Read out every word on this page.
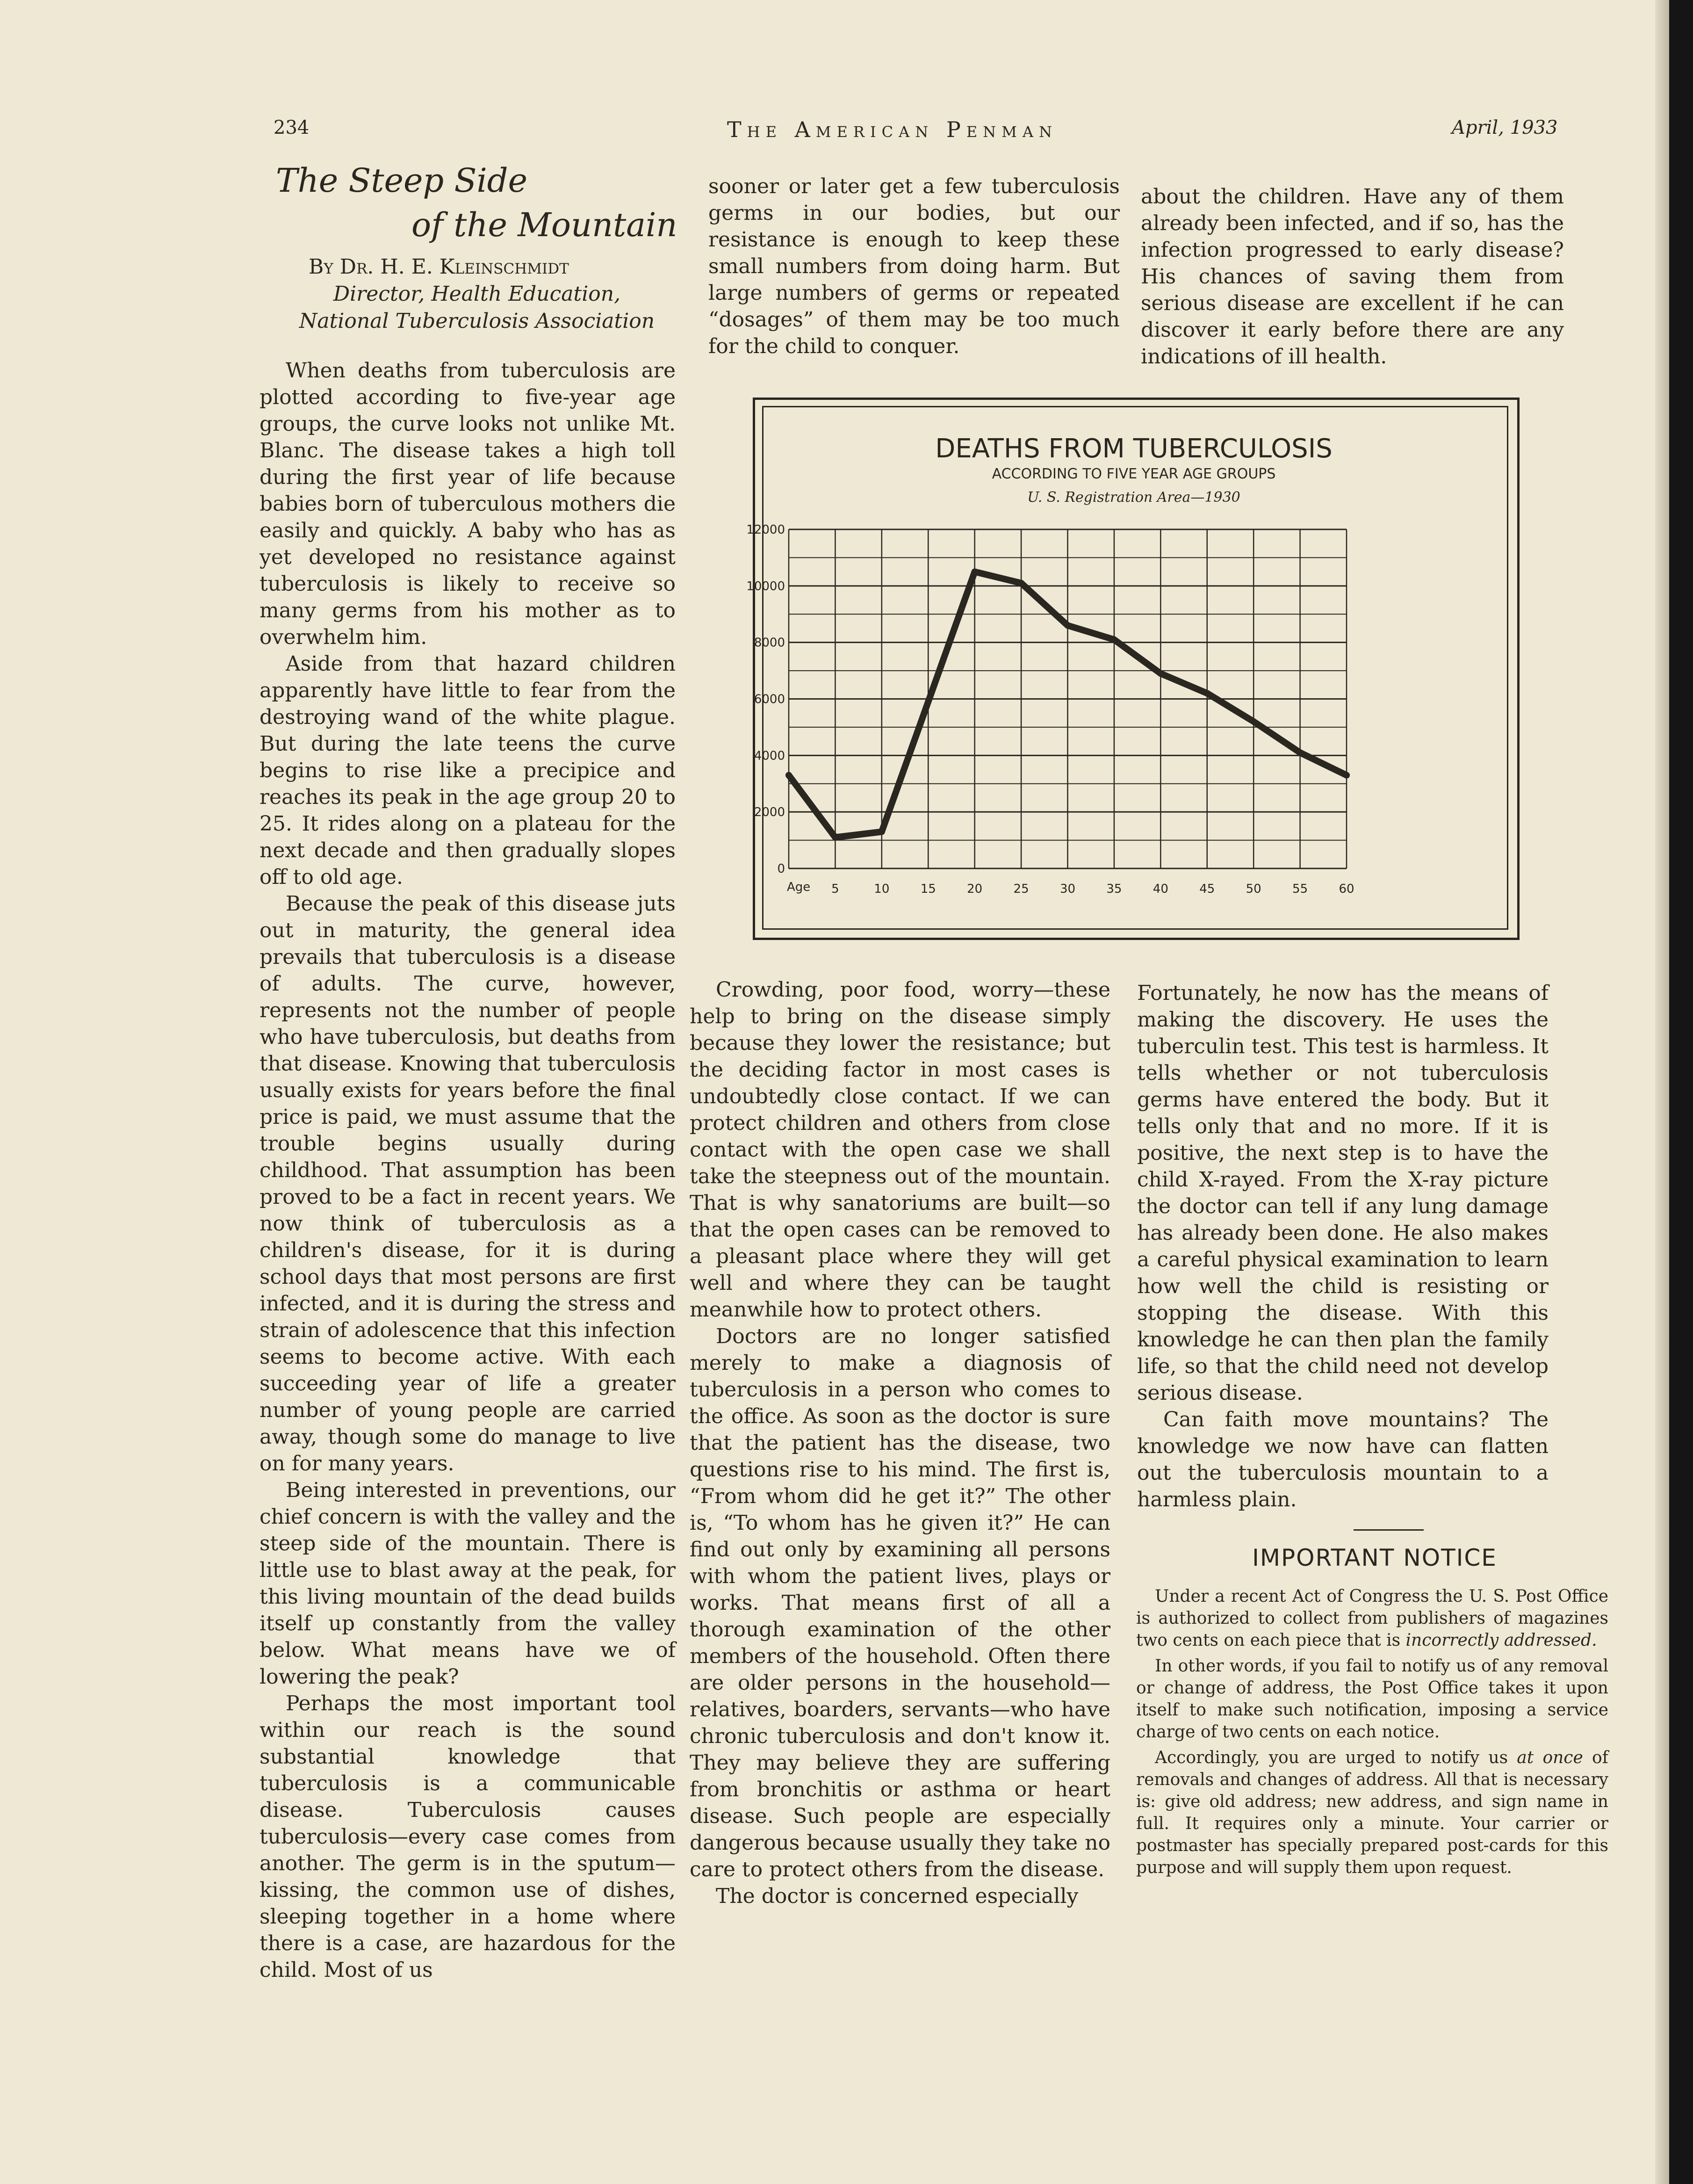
234	The American Penman	April, 1933
The Steep Side
of the Mountain
By Dr. H. E. Kleinschmidt
Director, Health Education,
National Tuberculosis Association

When deaths from tuberculosis are plotted according to five-year age groups, the curve looks not unlike Mt. Blanc. The disease takes a high toll during the first year of life because babies born of tuberculous mothers die easily and quickly. A baby who has as yet developed no resistance against tuberculosis is likely to receive so many germs from his mother as to overwhelm him.

Aside from that hazard children apparently have little to fear from the destroying wand of the white plague. But during the late teens the curve begins to rise like a precipice and reaches its peak in the age group 20 to 25. It rides along on a plateau for the next decade and then gradually slopes off to old age.

Because the peak of this disease juts out in maturity, the general idea prevails that tuberculosis is a disease of adults. The curve, however, represents not the number of people who have tuberculosis, but deaths from that disease. Knowing that tuberculosis usually exists for years before the final price is paid, we must assume that the trouble begins usually during childhood. That assumption has been proved to be a fact in recent years. We now think of tuberculosis as a children's disease, for it is during school days that most persons are first infected, and it is during the stress and strain of adolescence that this infection seems to become active. With each succeeding year of life a greater number of young people are carried away, though some do manage to live on for many years.

Being interested in preventions, our chief concern is with the valley and the steep side of the mountain. There is little use to blast away at the peak, for this living mountain of the dead builds itself up constantly from the valley below. What means have we of lowering the peak?

Perhaps the most important tool within our reach is the sound substantial knowledge that tuberculosis is a communicable disease. Tuberculosis causes tuberculosis—every case comes from another. The germ is in the sputum—kissing, the common use of dishes, sleeping together in a home where there is a case, are hazardous for the child. Most of us

sooner or later get a few tuberculosis germs in our bodies, but our resistance is enough to keep these small numbers from doing harm. But large numbers of germs or repeated “dosages” of them may be too much for the child to conquer.

about the children. Have any of them already been infected, and if so, has the infection progressed to early disease? His chances of saving them from serious disease are excellent if he can discover it early before there are any indications of ill health.

DEATHS FROM TUBERCULOSIS
ACCORDING TO FIVE YEAR AGE GROUPS
U. S. Registration Area—1930
0
2000
4000
6000
8000
10000
12000
5	10	15	20	25	30	35	40	45	50	55	60
Age

Crowding, poor food, worry—these help to bring on the disease simply because they lower the resistance; but the deciding factor in most cases is undoubtedly close contact. If we can protect children and others from close contact with the open case we shall take the steepness out of the mountain. That is why sanatoriums are built—so that the open cases can be removed to a pleasant place where they will get well and where they can be taught meanwhile how to protect others.

Doctors are no longer satisfied merely to make a diagnosis of tuberculosis in a person who comes to the office. As soon as the doctor is sure that the patient has the disease, two questions rise to his mind. The first is, “From whom did he get it?” The other is, “To whom has he given it?” He can find out only by examining all persons with whom the patient lives, plays or works. That means first of all a thorough examination of the other members of the household. Often there are older persons in the household—relatives, boarders, servants—who have chronic tuberculosis and don't know it. They may believe they are suffering from bronchitis or asthma or heart disease. Such people are especially dangerous because usually they take no care to protect others from the disease.

The doctor is concerned especially

Fortunately, he now has the means of making the discovery. He uses the tuberculin test. This test is harmless. It tells whether or not tuberculosis germs have entered the body. But it tells only that and no more. If it is positive, the next step is to have the child X-rayed. From the X-ray picture the doctor can tell if any lung damage has already been done. He also makes a careful physical examination to learn how well the child is resisting or stopping the disease. With this knowledge he can then plan the family life, so that the child need not develop serious disease.

Can faith move mountains? The knowledge we now have can flatten out the tuberculosis mountain to a harmless plain.

IMPORTANT NOTICE

Under a recent Act of Congress the U. S. Post Office is authorized to collect from publishers of magazines two cents on each piece that is incorrectly addressed.

In other words, if you fail to notify us of any removal or change of address, the Post Office takes it upon itself to make such notification, imposing a service charge of two cents on each notice.

Accordingly, you are urged to notify us at once of removals and changes of address. All that is necessary is: give old address; new address, and sign name in full. It requires only a minute. Your carrier or postmaster has specially prepared post-cards for this purpose and will supply them upon request.
